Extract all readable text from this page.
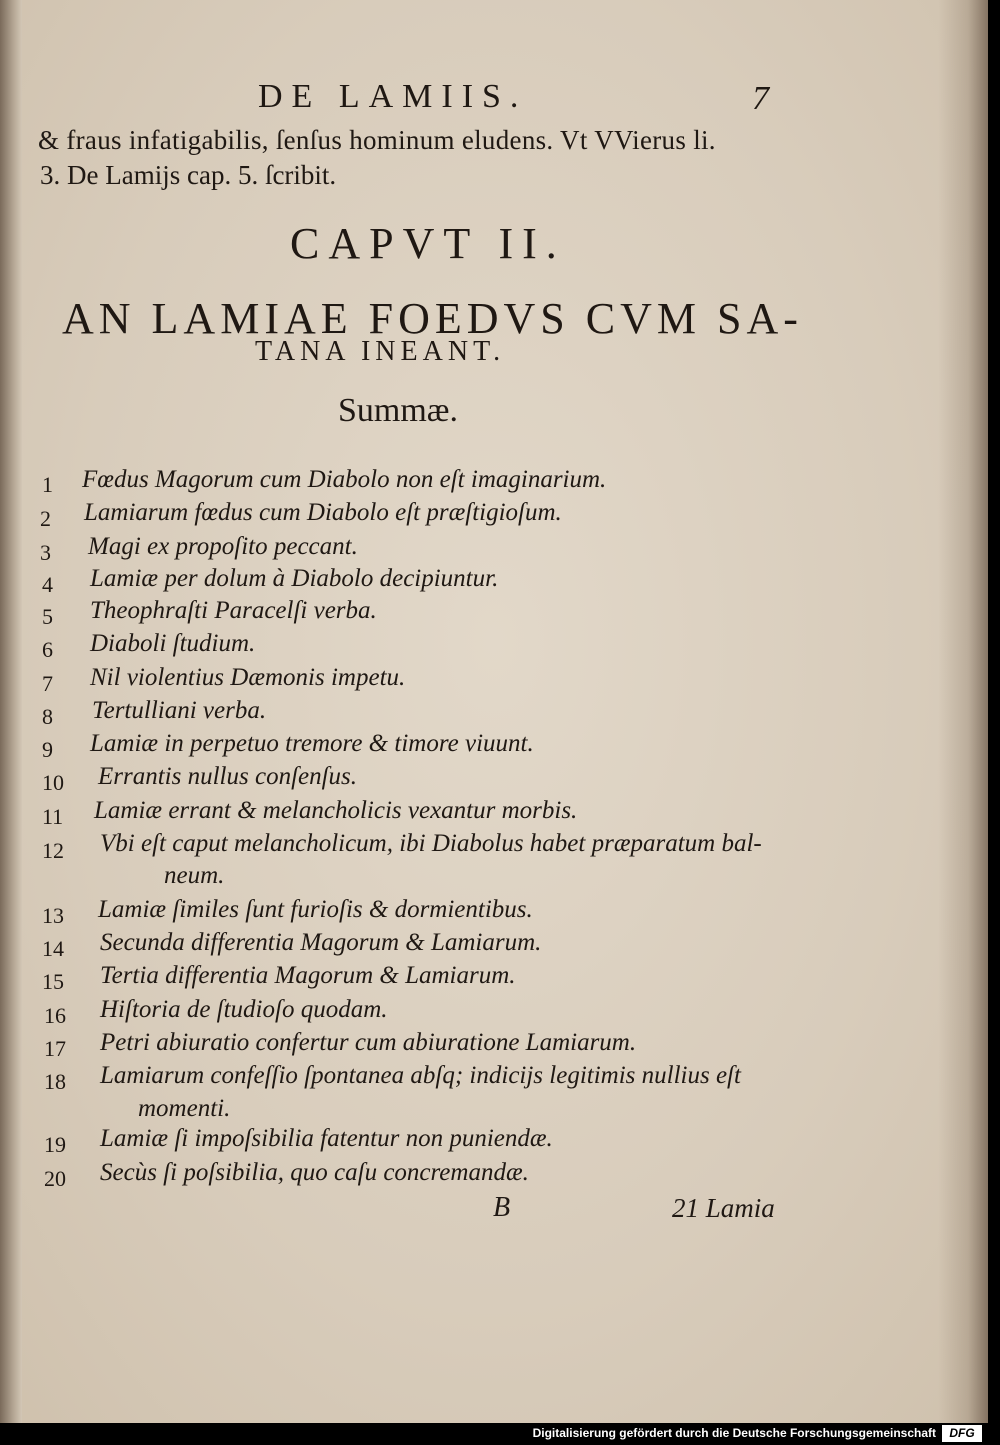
DE LAMIIS.	7
& fraus infatigabilis, ſenſus hominum eludens. Vt VVierus li.
3. De Lamijs cap. 5. ſcribit.
CAPVT II.
AN LAMIAE FOEDVS CVM SA-
TANA INEANT.
Summæ.
1 Fœdus Magorum cum Diabolo non eſt imaginarium.
2 Lamiarum fœdus cum Diabolo eſt præſtigioſum.
3 Magi ex propoſito peccant.
4 Lamiæ per dolum à Diabolo decipiuntur.
5 Theophraſti Paracelſi verba.
6 Diaboli ſtudium.
7 Nil violentius Dæmonis impetu.
8 Tertulliani verba.
9 Lamiæ in perpetuo tremore & timore viuunt.
10 Errantis nullus conſenſus.
11 Lamiæ errant & melancholicis vexantur morbis.
12 Vbi eſt caput melancholicum, ibi Diabolus habet præparatum bal-
neum.
13 Lamiæ ſimiles ſunt furioſis & dormientibus.
14 Secunda differentia Magorum & Lamiarum.
15 Tertia differentia Magorum & Lamiarum.
16 Hiſtoria de ſtudioſo quodam.
17 Petri abiuratio confertur cum abiuratione Lamiarum.
18 Lamiarum confeſſio ſpontanea abſq; indicijs legitimis nullius eſt
momenti.
19 Lamiæ ſi impoſsibilia fatentur non puniendæ.
20 Secùs ſi poſsibilia, quo caſu concremandæ.
B	21 Lamia
Digitalisierung gefördert durch die Deutsche Forschungsgemeinschaft	DFG
